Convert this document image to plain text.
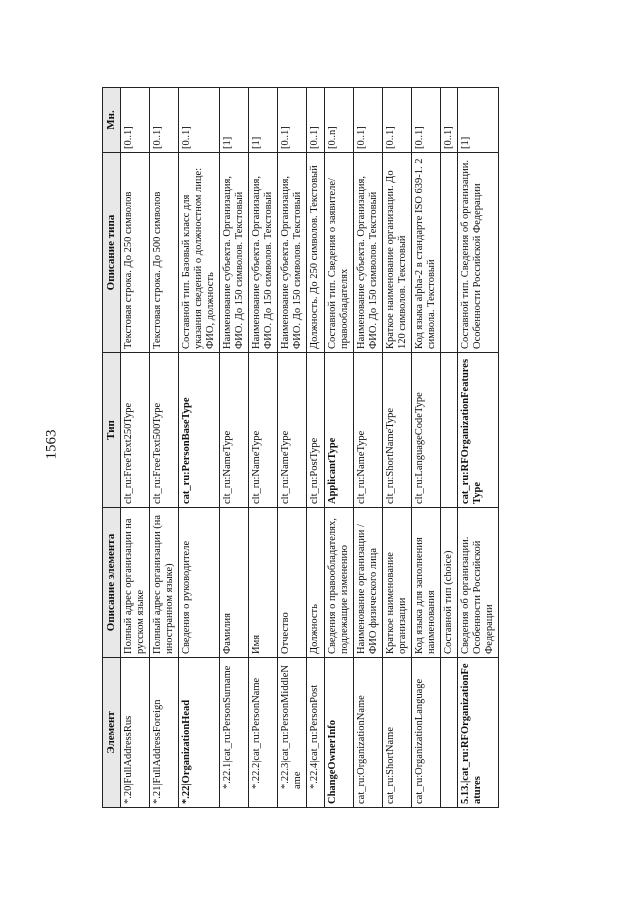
1563
Элемент	Описание элемента	Тип	Описание типа	Мн.
*.20|FullAddressRus	Полный адрес организации на русском языке	clt_ru:FreeText250Type	Текстовая строка. До 250 символов	[0..1]
*.21|FullAddressForeign	Полный адрес организации (на иностранном языке)	clt_ru:FreeText500Type	Текстовая строка. До 500 символов	[0..1]
*.22|OrganizationHead	Сведения о руководителе	cat_ru:PersonBaseType	Составной тип. Базовый класс для указания сведений о должностном лице: ФИО, должность	[0..1]
*.22.1|cat_ru:PersonSurname	Фамилия	clt_ru:NameType	Наименование субъекта. Организация, ФИО. До 150 символов. Текстовый	[1]
*.22.2|cat_ru:PersonName	Имя	clt_ru:NameType	Наименование субъекта. Организация, ФИО. До 150 символов. Текстовый	[1]
*.22.3|cat_ru:PersonMiddleName	Отчество	clt_ru:NameType	Наименование субъекта. Организация, ФИО. До 150 символов. Текстовый	[0..1]
*.22.4|cat_ru:PersonPost	Должность	clt_ru:PostType	Должность. До 250 символов. Текстовый	[0..1]
ChangeOwnerInfo	Сведения о правообладателях, подлежащие изменению	ApplicantType	Составной тип. Сведения о заявителе/правообладателях	[0..n]
cat_ru:OrganizationName	Наименование организации / ФИО физического лица	clt_ru:NameType	Наименование субъекта. Организация, ФИО. До 150 символов. Текстовый	[0..1]
cat_ru:ShortName	Краткое наименование организации	clt_ru:ShortNameType	Краткое наименование организации. До 120 символов. Текстовый	[0..1]
cat_ru:OrganizationLanguage	Код языка для заполнения наименования	clt_ru:LanguageCodeType	Код языка alpha-2 в стандарте ISO 639-1. 2 символа. Текстовый	[0..1]
	Составной тип (choice)			[0..1]
5.13.|cat_ru:RFOrganizationFeatures	Сведения об организации. Особенности Российской Федерации	cat_ru:RFOrganizationFeaturesType	Составной тип. Сведения об организации. Особенности Российской Федерации	[1]
